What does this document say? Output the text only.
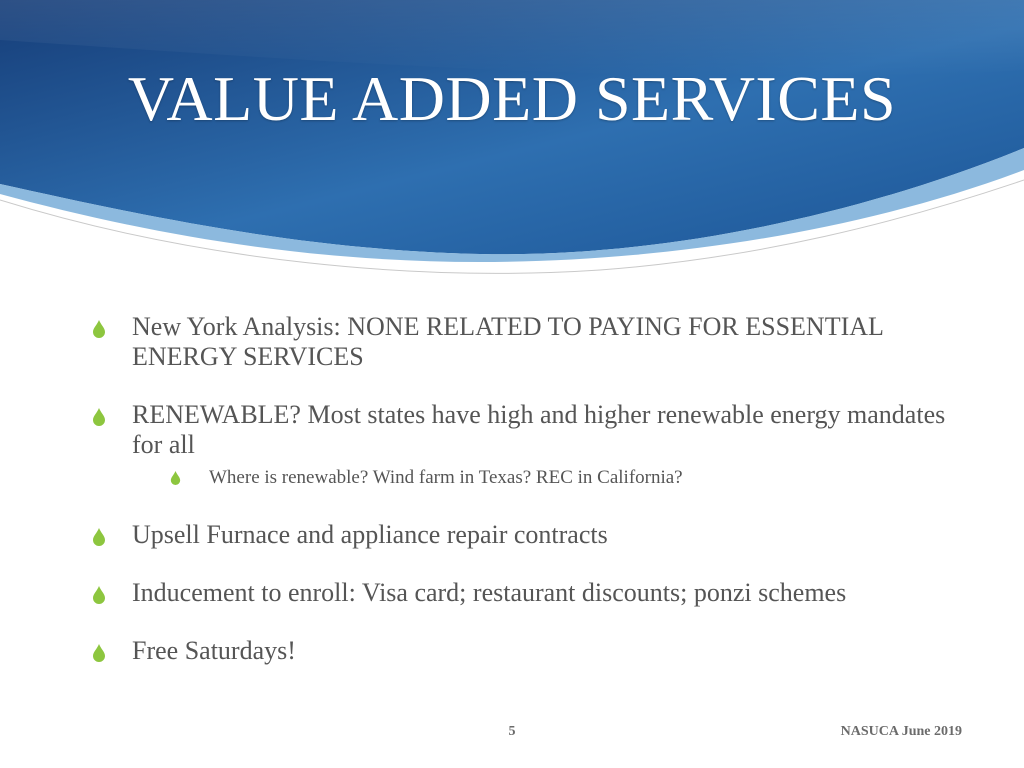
VALUE ADDED SERVICES
New York Analysis: NONE RELATED TO PAYING FOR ESSENTIAL ENERGY SERVICES
RENEWABLE? Most states have high and higher renewable energy mandates for all
Where is renewable? Wind farm in Texas? REC in California?
Upsell Furnace and appliance repair contracts
Inducement to enroll: Visa card; restaurant discounts; ponzi schemes
Free Saturdays!
5	NASUCA June 2019
